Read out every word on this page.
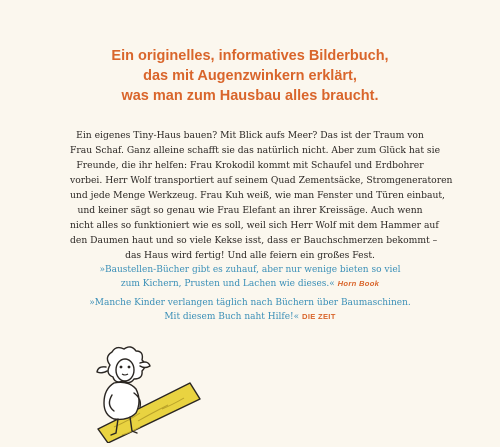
Ein originelles, informatives Bilderbuch,
das mit Augenzwinkern erklärt,
was man zum Hausbau alles braucht.
Ein eigenes Tiny-Haus bauen? Mit Blick aufs Meer? Das ist der Traum von
Frau Schaf. Ganz alleine schafft sie das natürlich nicht. Aber zum Glück hat sie
Freunde, die ihr helfen: Frau Krokodil kommt mit Schaufel und Erdbohrer
vorbei. Herr Wolf transportiert auf seinem Quad Zementsäcke, Stromgeneratoren
und jede Menge Werkzeug. Frau Kuh weiß, wie man Fenster und Türen einbaut,
und keiner sägt so genau wie Frau Elefant an ihrer Kreissäge. Auch wenn
nicht alles so funktioniert wie es soll, weil sich Herr Wolf mit dem Hammer auf
den Daumen haut und so viele Kekse isst, dass er Bauchschmerzen bekommt –
das Haus wird fertig! Und alle feiern ein großes Fest.
»Baustellen-Bücher gibt es zuhauf, aber nur wenige bieten so viel
zum Kichern, Prusten und Lachen wie dieses.« Horn Book
»Manche Kinder verlangen täglich nach Büchern über Baumaschinen.
Mit diesem Buch naht Hilfe!« DIE ZEIT
